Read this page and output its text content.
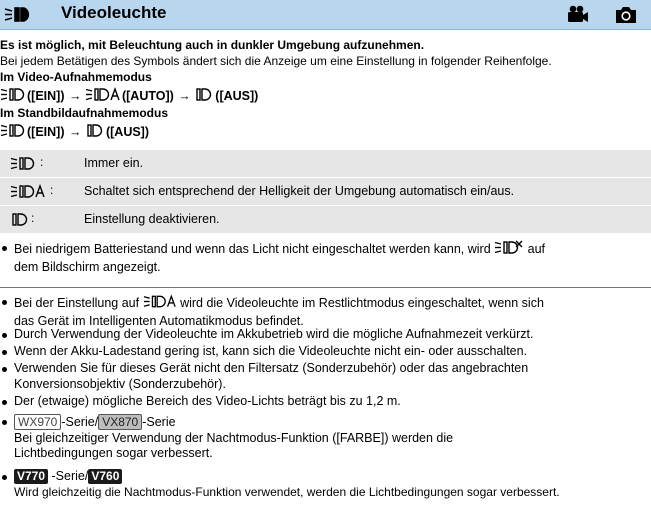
Videoleuchte
Es ist möglich, mit Beleuchtung auch in dunkler Umgebung aufzunehmen.
Bei jedem Betätigen des Symbols ändert sich die Anzeige um eine Einstellung in folgender Reihenfolge.
Im Video-Aufnahmemodus
([EIN]) →	([AUTO]) → ([AUS])
Im Standbildaufnahmemodus
([EIN]) → ([AUS])
:	Immer ein.
: Schaltet sich entsprechend der Helligkeit der Umgebung automatisch ein/aus.
:	Einstellung deaktivieren.
Bei niedrigem Batteriestand und wenn das Licht nicht eingeschaltet werden kann, wird	auf
dem Bildschirm angezeigt.
Bei der Einstellung auf	wird die Videoleuchte im Restlichtmodus eingeschaltet, wenn sich
das Gerät im Intelligenten Automatikmodus befindet.
Durch Verwendung der Videoleuchte im Akkubetrieb wird die mögliche Aufnahmezeit verkürzt.
Wenn der Akku-Ladestand gering ist, kann sich die Videoleuchte nicht ein- oder ausschalten.
Verwenden Sie für dieses Gerät nicht den Filtersatz (Sonderzubehör) oder das angebrachten
Konversionsobjektiv (Sonderzubehör).
Der (etwaige) mögliche Bereich des Video-Lichts beträgt bis zu 1,2 m.
WX970 -Serie/ VX870 -Serie
Bei gleichzeitiger Verwendung der Nachtmodus-Funktion ([FARBE]) werden die
Lichtbedingungen sogar verbessert.
V770 -Serie/ V760
Wird gleichzeitig die Nachtmodus-Funktion verwendet, werden die Lichtbedingungen sogar verbessert.
